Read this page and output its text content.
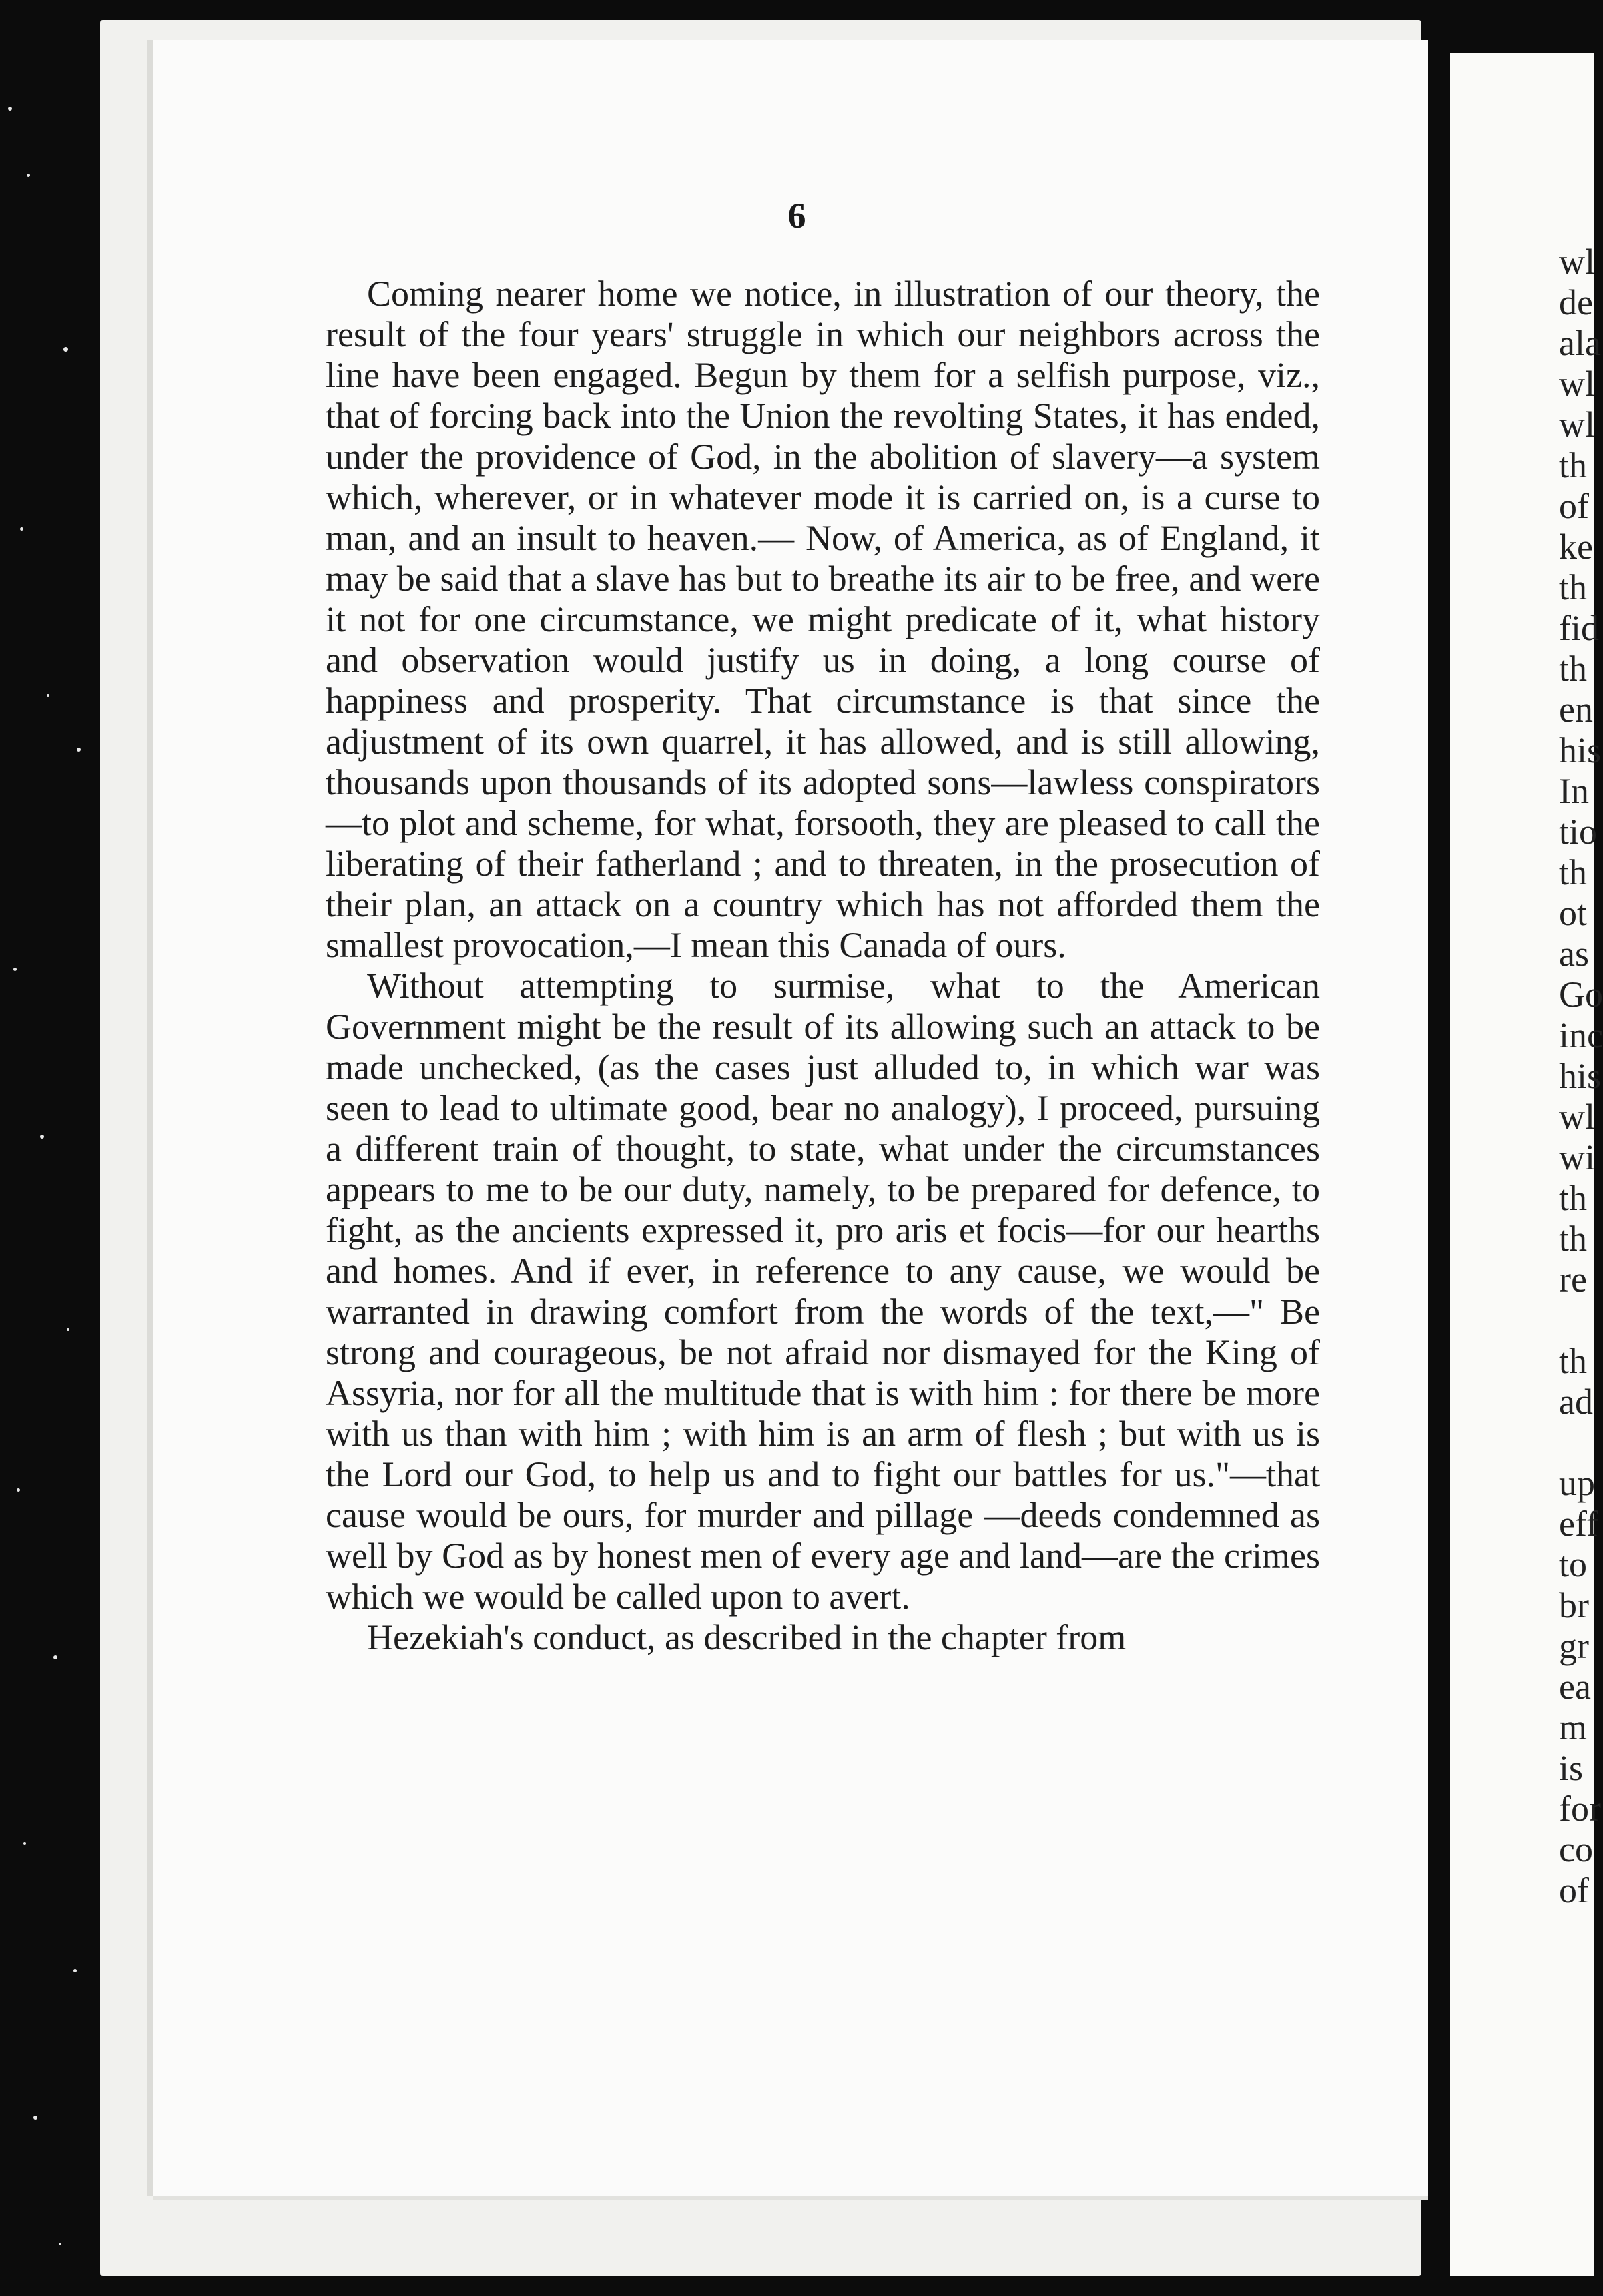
6

Coming nearer home we notice, in illustration of our theory, the result of the four years' struggle in which our neighbors across the line have been engaged. Begun by them for a selfish purpose, viz., that of forcing back into the Union the revolting States, it has ended, under the providence of God, in the abolition of slavery—a system which, wherever, or in whatever mode it is carried on, is a curse to man, and an insult to heaven.— Now, of America, as of England, it may be said that a slave has but to breathe its air to be free, and were it not for one circumstance, we might predicate of it, what history and observation would justify us in doing, a long course of happiness and prosperity. That circumstance is that since the adjustment of its own quarrel, it has allowed, and is still allowing, thousands upon thousands of its adopted sons—lawless conspirators—to plot and scheme, for what, forsooth, they are pleased to call the liberating of their fatherland ; and to threaten, in the prosecution of their plan, an attack on a country which has not afforded them the smallest provocation,—I mean this Canada of ours.

Without attempting to surmise, what to the American Government might be the result of its allowing such an attack to be made unchecked, (as the cases just alluded to, in which war was seen to lead to ultimate good, bear no analogy), I proceed, pursuing a different train of thought, to state, what under the circumstances appears to me to be our duty, namely, to be prepared for defence, to fight, as the ancients expressed it, pro aris et focis—for our hearths and homes. And if ever, in reference to any cause, we would be warranted in drawing comfort from the words of the text,—" Be strong and courageous, be not afraid nor dismayed for the King of Assyria, nor for all the multitude that is with him : for there be more with us than with him ; with him is an arm of flesh ; but with us is the Lord our God, to help us and to fight our battles for us."—that cause would be ours, for murder and pillage —deeds condemned as well by God as by honest men of every age and land—are the crimes which we would be called upon to avert.

Hezekiah's conduct, as described in the chapter from

wl
de
ala
wl
wl
th
of
ke
th
fid
th
en
his
In
tio
th
ot
as
Go
inc
his
wl
wi
th
th
re
th
ad
up
eff
to
br
gr
ea
m
is
for
co
of
